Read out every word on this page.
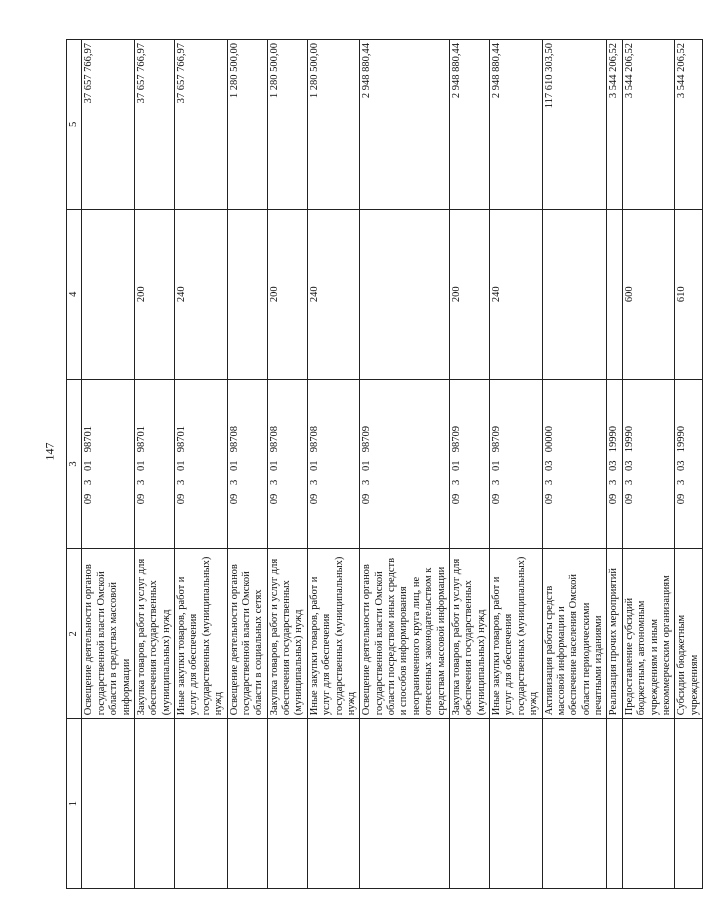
147
1	2	3	4	5
	Освещение деятельности органов государственной власти Омской области в средствах массовой информации	09 3 01 98701		37 657 766,97
	Закупка товаров, работ и услуг для обеспечения государственных (муниципальных) нужд	09 3 01 98701	200	37 657 766,97
	Иные закупки товаров, работ и услуг для обеспечения государственных (муниципальных) нужд	09 3 01 98701	240	37 657 766,97
	Освещение деятельности органов государственной власти Омской области в социальных сетях	09 3 01 98708		1 280 500,00
	Закупка товаров, работ и услуг для обеспечения государственных (муниципальных) нужд	09 3 01 98708	200	1 280 500,00
	Иные закупки товаров, работ и услуг для обеспечения государственных (муниципальных) нужд	09 3 01 98708	240	1 280 500,00
	Освещение деятельности органов государственной власти Омской области посредством иных средств и способов информирования неограниченного круга лиц, не отнесенных законодательством к средствам массовой информации	09 3 01 98709		2 948 880,44
	Закупка товаров, работ и услуг для обеспечения государственных (муниципальных) нужд	09 3 01 98709	200	2 948 880,44
	Иные закупки товаров, работ и услуг для обеспечения государственных (муниципальных) нужд	09 3 01 98709	240	2 948 880,44
	Активизация работы средств массовой информации и обеспечение населения Омской области периодическими печатными изданиями	09 3 03 00000		117 610 303,50
	Реализация прочих мероприятий	09 3 03 19990		3 544 206,52
	Предоставление субсидий бюджетным, автономным учреждениям и иным некоммерческим организациям	09 3 03 19990	600	3 544 206,52
	Субсидии бюджетным учреждениям	09 3 03 19990	610	3 544 206,52
